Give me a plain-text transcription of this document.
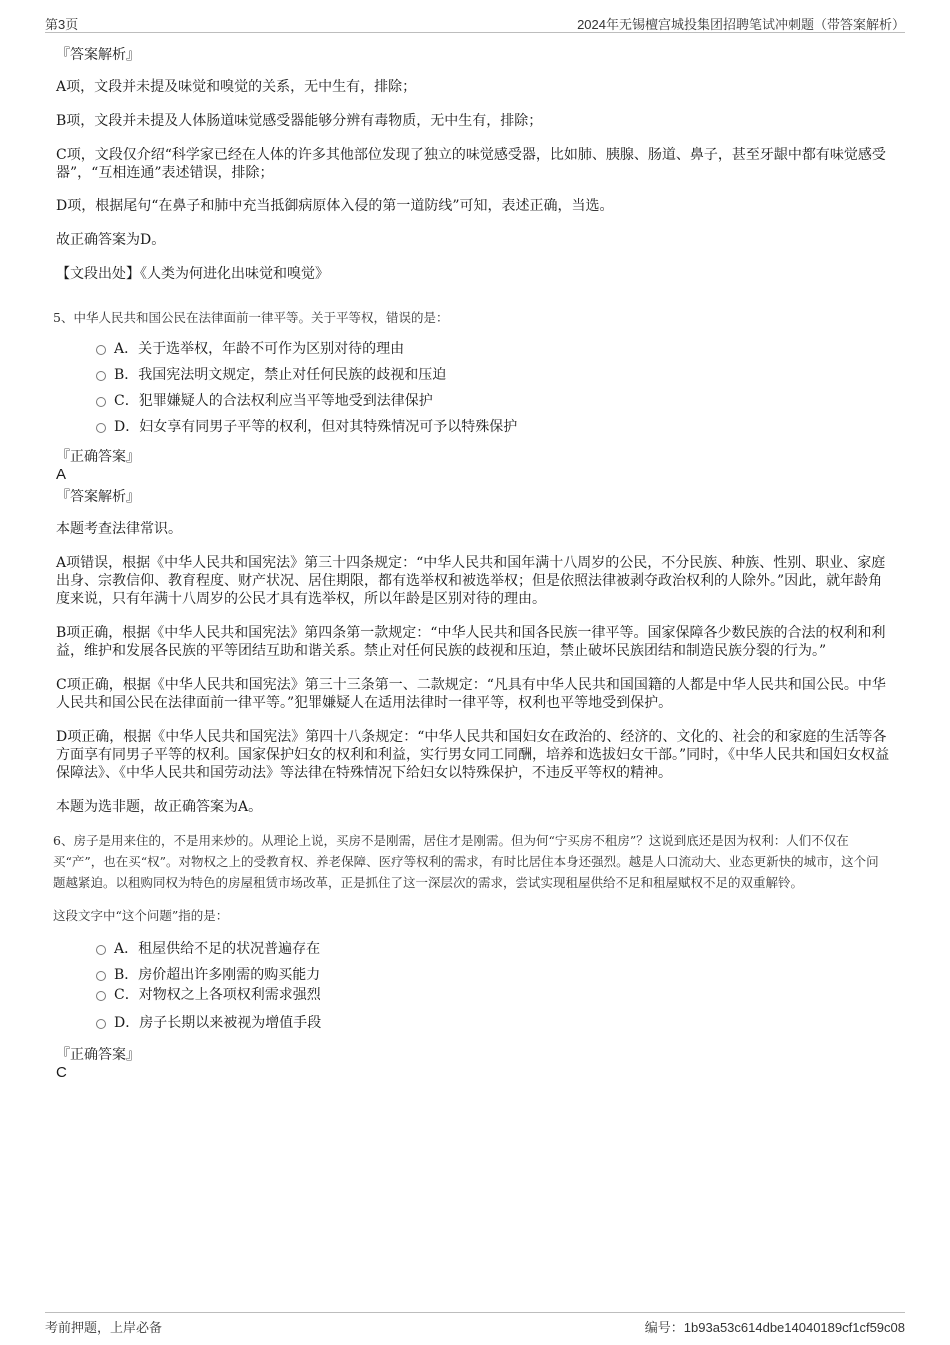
第3页	2024年无锡檀宫城投集团招聘笔试冲刺题（带答案解析）

『答案解析』

A项，文段并未提及味觉和嗅觉的关系，无中生有，排除；

B项，文段并未提及人体肠道味觉感受器能够分辨有毒物质，无中生有，排除；

C项，文段仅介绍“科学家已经在人体的许多其他部位发现了独立的味觉感受器，比如肺、胰腺、肠道、鼻子，甚至牙龈中都有味觉感受器”，“互相连通”表述错误，排除；

D项，根据尾句“在鼻子和肺中充当抵御病原体入侵的第一道防线”可知，表述正确，当选。

故正确答案为D。

【文段出处】《人类为何进化出味觉和嗅觉》

5、中华人民共和国公民在法律面前一律平等。关于平等权，错误的是：

A．关于选举权，年龄不可作为区别对待的理由
B．我国宪法明文规定，禁止对任何民族的歧视和压迫
C．犯罪嫌疑人的合法权利应当平等地受到法律保护
D．妇女享有同男子平等的权利，但对其特殊情况可予以特殊保护

『正确答案』

A

『答案解析』

本题考查法律常识。

A项错误，根据《中华人民共和国宪法》第三十四条规定：“中华人民共和国年满十八周岁的公民，不分民族、种族、性别、职业、家庭出身、宗教信仰、教育程度、财产状况、居住期限，都有选举权和被选举权；但是依照法律被剥夺政治权利的人除外。”因此，就年龄角度来说，只有年满十八周岁的公民才具有选举权，所以年龄是区别对待的理由。

B项正确，根据《中华人民共和国宪法》第四条第一款规定：“中华人民共和国各民族一律平等。国家保障各少数民族的合法的权利和利益，维护和发展各民族的平等团结互助和谐关系。禁止对任何民族的歧视和压迫，禁止破坏民族团结和制造民族分裂的行为。”

C项正确，根据《中华人民共和国宪法》第三十三条第一、二款规定：“凡具有中华人民共和国国籍的人都是中华人民共和国公民。中华人民共和国公民在法律面前一律平等。”犯罪嫌疑人在适用法律时一律平等，权利也平等地受到保护。

D项正确，根据《中华人民共和国宪法》第四十八条规定：“中华人民共和国妇女在政治的、经济的、文化的、社会的和家庭的生活等各方面享有同男子平等的权利。国家保护妇女的权利和利益，实行男女同工同酬，培养和选拔妇女干部。”同时，《中华人民共和国妇女权益保障法》、《中华人民共和国劳动法》等法律在特殊情况下给妇女以特殊保护，不违反平等权的精神。

本题为选非题，故正确答案为A。

6、房子是用来住的，不是用来炒的。从理论上说，买房不是刚需，居住才是刚需。但为何“宁买房不租房”？这说到底还是因为权利：人们不仅在买“产”，也在买“权”。对物权之上的受教育权、养老保障、医疗等权利的需求，有时比居住本身还强烈。越是人口流动大、业态更新快的城市，这个问题越紧迫。以租购同权为特色的房屋租赁市场改革，正是抓住了这一深层次的需求，尝试实现租屋供给不足和租屋赋权不足的双重解铃。

这段文字中“这个问题”指的是：

A．租屋供给不足的状况普遍存在
B．房价超出许多刚需的购买能力
C．对物权之上各项权利需求强烈
D．房子长期以来被视为增值手段

『正确答案』

C

考前押题，上岸必备	编号：1b93a53c614dbe14040189cf1cf59c08
